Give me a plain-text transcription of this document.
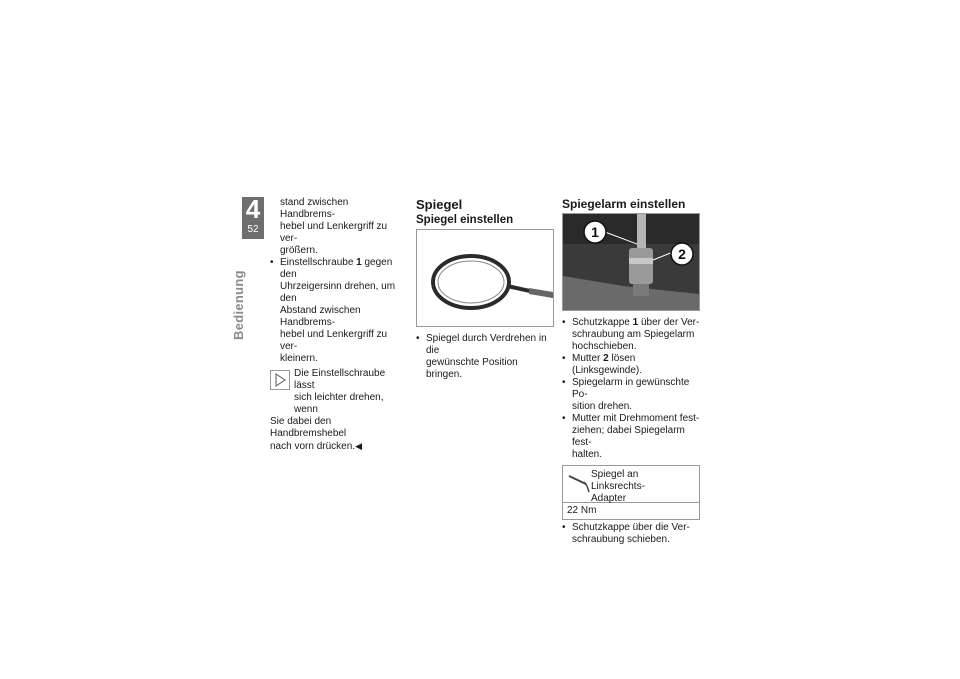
4
52
Bedienung
stand zwischen Handbrems-
hebel und Lenkergriff zu ver-
größern.
• Einstellschraube 1 gegen den
Uhrzeigersinn drehen, um den
Abstand zwischen Handbrems-
hebel und Lenkergriff zu ver-
kleinern.
Die Einstellschraube lässt
sich leichter drehen, wenn
Sie dabei den Handbremshebel
nach vorn drücken.◀
Spiegel
Spiegel einstellen
• Spiegel durch Verdrehen in die
gewünschte Position bringen.
Spiegelarm einstellen
1
2
• Schutzkappe 1 über der Ver-
schraubung am Spiegelarm
hochschieben.
• Mutter 2 lösen (Linksgewinde).
• Spiegelarm in gewünschte Po-
sition drehen.
• Mutter mit Drehmoment fest-
ziehen; dabei Spiegelarm fest-
halten.
Spiegel an Linksrechts-
Adapter
22 Nm
• Schutzkappe über die Ver-
schraubung schieben.
